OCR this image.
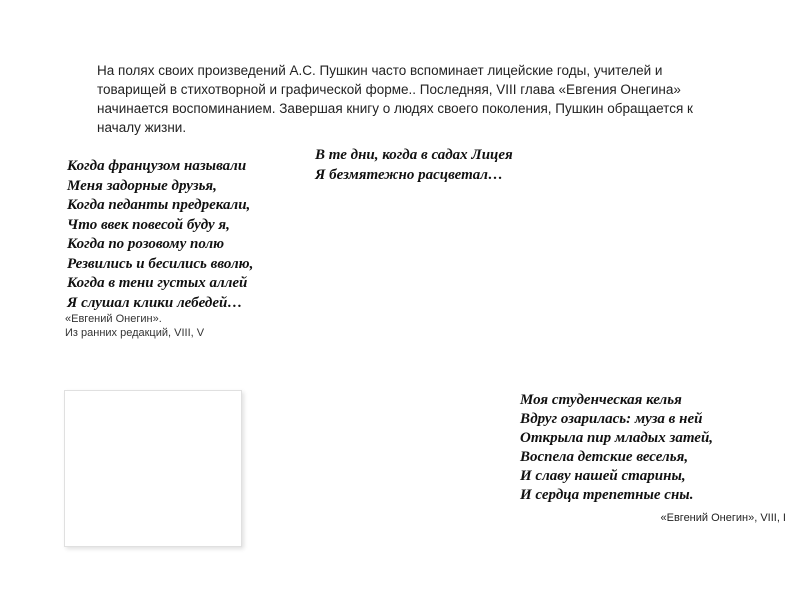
На полях своих произведений А.С. Пушкин часто вспоминает лицейские годы, учителей и товарищей в стихотворной и графической форме.. Последняя, VIII глава «Евгения Онегина» начинается воспоминанием. Завершая книгу о людях своего поколения, Пушкин обращается к началу жизни.
В те дни, когда в садах Лицея
Я безмятежно расцветал…
Когда французом называли
Меня задорные друзья,
Когда педанты предрекали,
Что ввек повесой буду я,
Когда по розовому полю
Резвились и бесились вволю,
Когда в тени густых аллей
Я слушал клики лебедей…
«Евгений Онегин».
Из ранних редакций, VIII, V
Моя студенческая келья
Вдруг озарилась: муза в ней
Открыла пир младых затей,
Воспела детские веселья,
И славу нашей старины,
И сердца трепетные сны.
«Евгений Онегин», VIII, I
